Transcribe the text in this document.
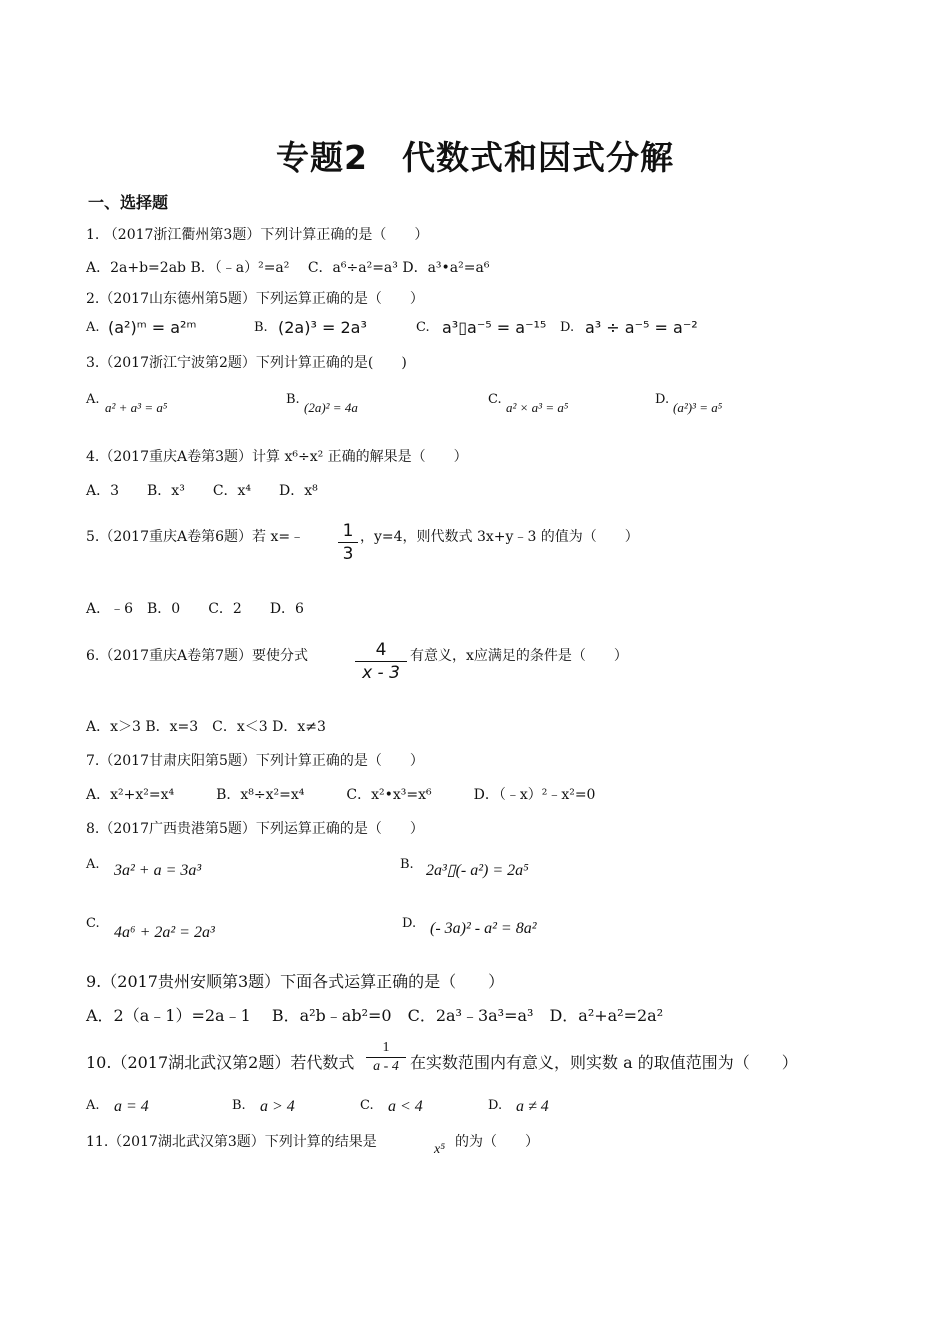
专题2　代数式和因式分解
一、选择题
1. （2017浙江衢州第3题）下列计算正确的是（　　）
A．2a+b=2ab B．（﹣a）²=a²　 C．a⁶÷a²=a³ D．a³•a²=a⁶
2.（2017山东德州第5题）下列运算正确的是（　　）
A. (a²)ᵐ = a²ᵐ	B. (2a)³ = 2a³	C. a³▯a⁻⁵ = a⁻¹⁵ D. a³ ÷ a⁻⁵ = a⁻²
3.（2017浙江宁波第2题）下列计算正确的是(　　)
A.
a² + a³ = a⁵
B.
(2a)² = 4a
C.
a² × a³ = a⁵
D.
(a²)³ = a⁵
4.（2017重庆A卷第3题）计算 x⁶÷x² 正确的解果是（　　）
A．3　　B．x³　　C．x⁴　　D．x⁸
5.（2017重庆A卷第6题）若 x=﹣ 1
3
，y=4，则代数式 3x+y﹣3 的值为（　　）
A．﹣6　B．0　　C．2　　D．6
6.（2017重庆A卷第7题）要使分式	4
x - 3
有意义，x应满足的条件是（　　）
A．x＞3 B．x=3　C．x＜3 D．x≠3
7.（2017甘肃庆阳第5题）下列计算正确的是（　　）
A．x²+x²=x⁴　　　B．x⁸÷x²=x⁴　　　C．x²•x³=x⁶　　　D．（﹣x）²﹣x²=0
8.（2017广西贵港第5题）下列运算正确的是（　　）
A. 3a² + a = 3a³	B. 2a³▯(- a²) = 2a⁵
C.
4a⁶ + 2a² = 2a³
D. (- 3a)² - a² = 8a²
9.（2017贵州安顺第3题）下面各式运算正确的是（　　）
A．2（a﹣1）=2a﹣1　 B．a²b﹣ab²=0　C．2a³﹣3a³=a³　D．a²+a²=2a²
10.（2017湖北武汉第2题）若代数式
1
a - 4 在实数范围内有意义，则实数 a 的取值范围为（　　）
A. a = 4	B. a > 4	C. a < 4	D. a ≠ 4
11.（2017湖北武汉第3题）下列计算的结果是	x⁵ 的为（　　）
